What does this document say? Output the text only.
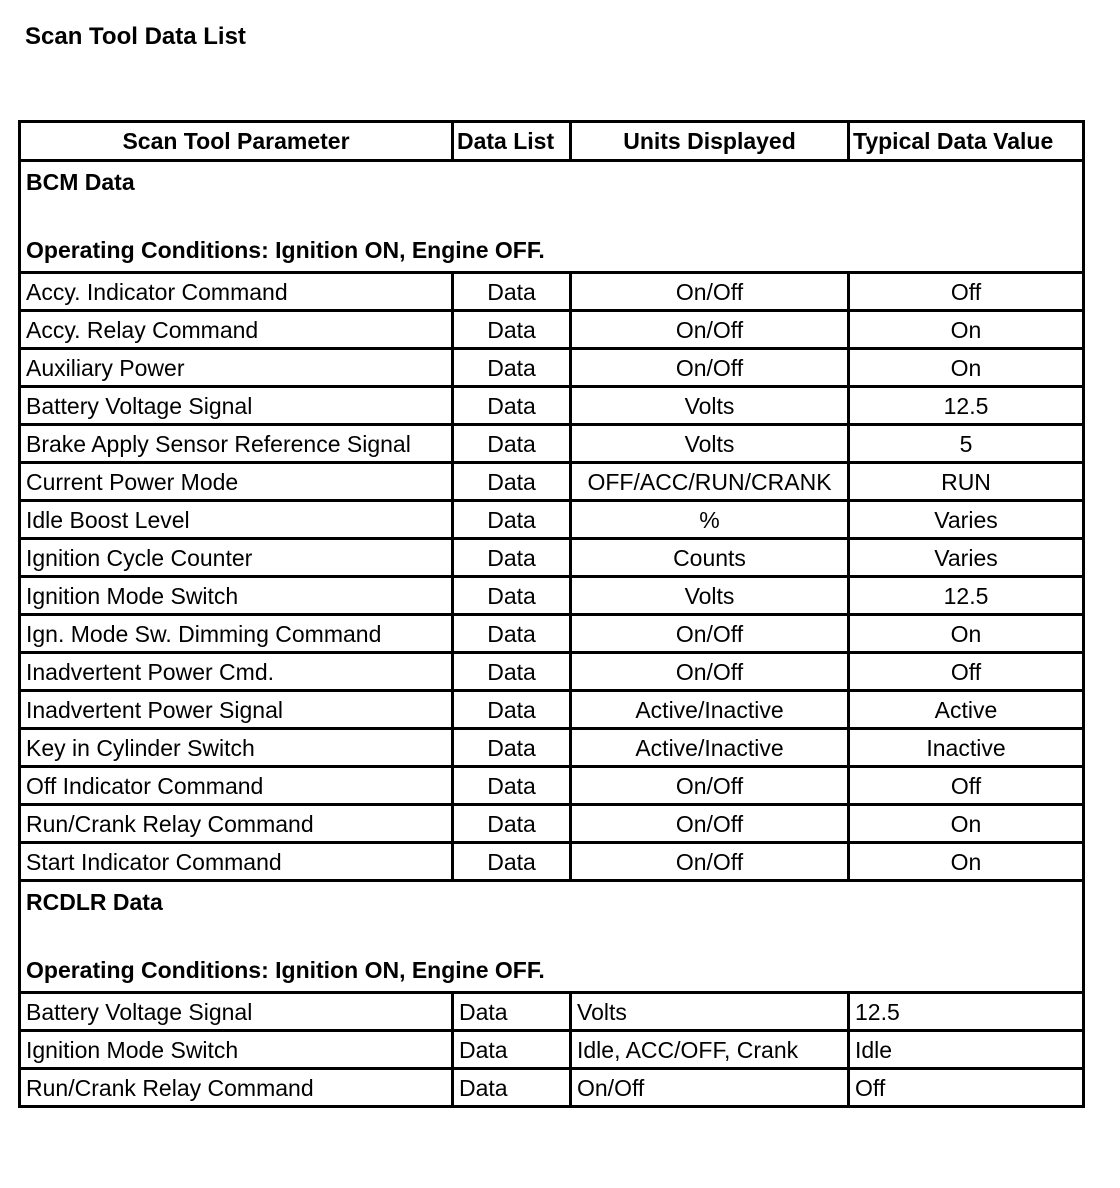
Scan Tool Data List
Scan Tool Parameter	Data List	Units Displayed	Typical Data Value

BCM Data
Operating Conditions: Ignition ON, Engine OFF.			

Accy. Indicator Command	Data	On/Off	Off
Accy. Relay Command	Data	On/Off	On
Auxiliary Power	Data	On/Off	On
Battery Voltage Signal	Data	Volts	12.5
Brake Apply Sensor Reference Signal	Data	Volts	5
Current Power Mode	Data	OFF/ACC/RUN/CRANK	RUN
Idle Boost Level	Data	%	Varies
Ignition Cycle Counter	Data	Counts	Varies
Ignition Mode Switch	Data	Volts	12.5
Ign. Mode Sw. Dimming Command	Data	On/Off	On
Inadvertent Power Cmd.	Data	On/Off	Off
Inadvertent Power Signal	Data	Active/Inactive	Active
Key in Cylinder Switch	Data	Active/Inactive	Inactive
Off Indicator Command	Data	On/Off	Off
Run/Crank Relay Command	Data	On/Off	On
Start Indicator Command	Data	On/Off	On

RCDLR Data
Operating Conditions: Ignition ON, Engine OFF.			

Battery Voltage Signal	Data	Volts	12.5
Ignition Mode Switch	Data	Idle, ACC/OFF, Crank	Idle
Run/Crank Relay Command	Data	On/Off	Off
